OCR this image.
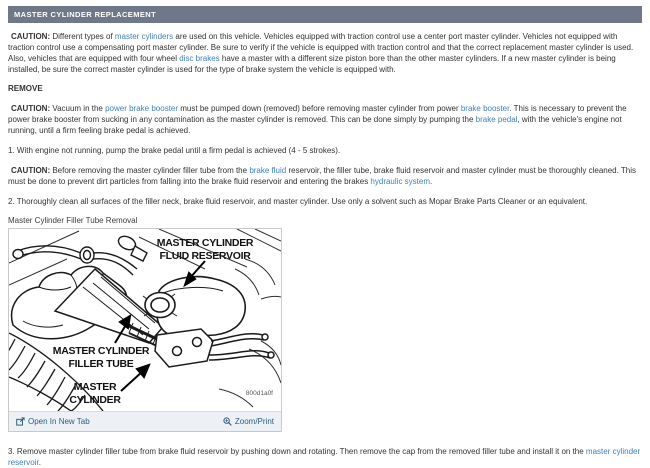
MASTER CYLINDER REPLACEMENT

CAUTION: Different types of master cylinders are used on this vehicle. Vehicles equipped with traction control use a center port master cylinder. Vehicles not equipped with traction control use a compensating port master cylinder. Be sure to verify if the vehicle is equipped with traction control and that the correct replacement master cylinder is used. Also, vehicles that are equipped with four wheel disc brakes have a master with a different size piston bore than the other master cylinders. If a new master cylinder is being installed, be sure the correct master cylinder is used for the type of brake system the vehicle is equipped with.

REMOVE

CAUTION: Vacuum in the power brake booster must be pumped down (removed) before removing master cylinder from power brake booster. This is necessary to prevent the power brake booster from sucking in any contamination as the master cylinder is removed. This can be done simply by pumping the brake pedal, with the vehicle's engine not running, until a firm feeling brake pedal is achieved.

1. With engine not running, pump the brake pedal until a firm pedal is achieved (4 - 5 strokes).

CAUTION: Before removing the master cylinder filler tube from the brake fluid reservoir, the filler tube, brake fluid reservoir and master cylinder must be thoroughly cleaned. This must be done to prevent dirt particles from falling into the brake fluid reservoir and entering the brakes hydraulic system.

2. Thoroughly clean all surfaces of the filler neck, brake fluid reservoir, and master cylinder. Use only a solvent such as Mopar Brake Parts Cleaner or an equivalent.

Master Cylinder Filler Tube Removal
MASTER CYLINDER
FLUID RESERVOIR
MASTER CYLINDER
FILLER TUBE
MASTER
CYLINDER
800d1a0f
Open In New Tab	Zoom/Print

3. Remove master cylinder filler tube from brake fluid reservoir by pushing down and rotating. Then remove the cap from the removed filler tube and install it on the master cylinder reservoir.
